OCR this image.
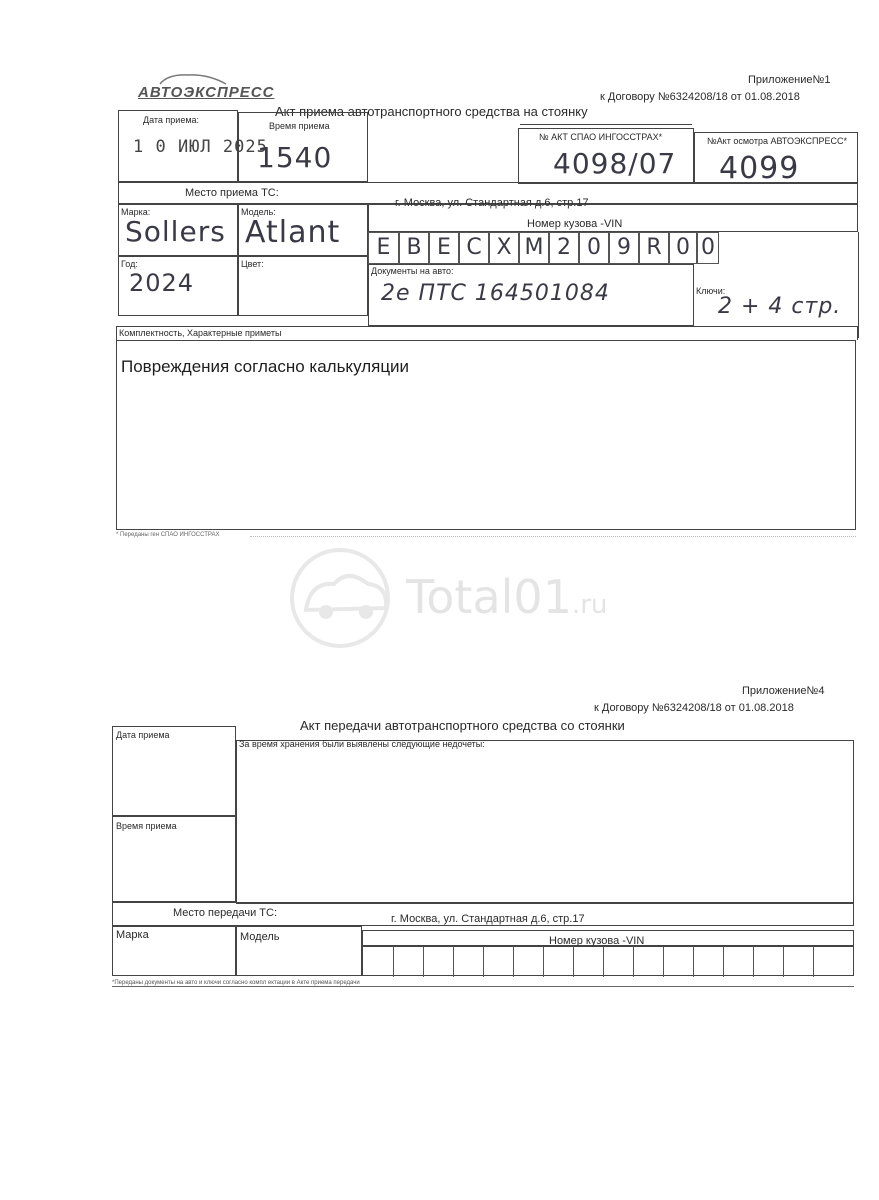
Приложение№1
к Договору №6324208/18 от 01.08.2018
АВТОЭКСПРЕСС
Акт приема автотранспортного средства на стоянку
Дата приема:
1 0 ИЮЛ 2025
Время приема
1540
№ АКТ СПАО ИНГОССТРАХ*
4098/07
№Акт осмотра АВТОЭКСПРЕСС*
4099
Место приема ТС:
г. Москва, ул. Стандартная д.6, стр.17
Марка:
Sollers
Модель:
Atlant	Номер кузова -VIN
E B E C X M 2 0 9 R 0 0
Год:
2024
Цвет:
Документы на авто:
2e ПТС 164501084	Ключи:
2 + 4 стр.
Комплектность, Характерные приметы
Повреждения согласно калькуляции
* Переданы ген СПАО ИНГОССТРАХ
Total01.ru
Приложение№4
к Договору №6324208/18 от 01.08.2018
Акт передачи автотранспортного средства со стоянки
Дата приема
Время приема
За время хранения были выявлены следующие недочеты:
Место передачи ТС:	г. Москва, ул. Стандартная д.6, стр.17
Марка	Модель	Номер кузова -VIN
*Переданы документы на авто и ключи согласно компл ектации в Акте приема передачи
